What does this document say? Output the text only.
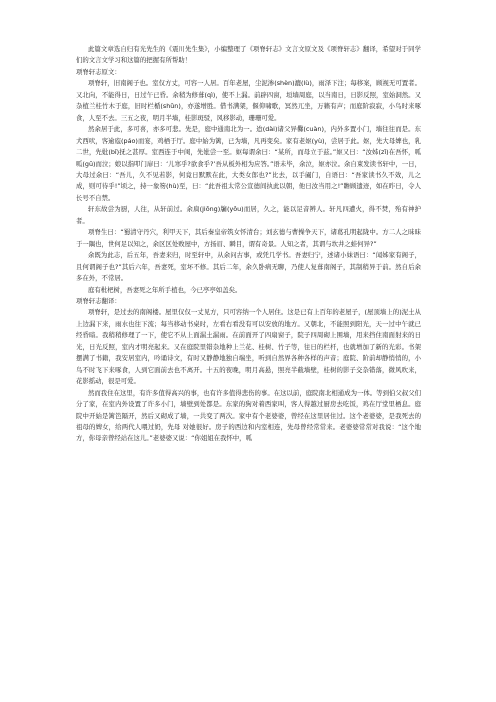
此篇文章选自归有光先生的《震川先生集》，小编整理了《项脊轩志》文言文原文及《项脊轩志》翻译，希望对于同学们的文言文学习和这篇的把握有所帮助！

项脊轩志原文：

项脊轩，旧南阁子也。室仅方丈，可容一人居。百年老屋，尘泥渗(shèn)漉(lù)，雨泽下注；每移案，顾视无可置者。又北向，不能得日，日过午已昏。余稍为修葺(qì)，使不上漏。前辟四窗，垣墙周庭，以当南日，日影反照，室始洞然。又杂植兰桂竹木于庭，旧时栏楯(shǔn)，亦遂增胜。借书满架，偃仰啸歌，冥然兀坐，万籁有声；而庭阶寂寂，小鸟时来啄食，人至不去。三五之夜，明月半墙，桂影斑驳，风移影动，珊珊可爱。

然余居于此，多可喜，亦多可悲。先是，庭中通南北为一。迨(dài)诸父异爨(cuàn)，内外多置小门，墙往往而是。东犬西吠，客逾庖(páo)而宴，鸡栖于厅。庭中始为篱，已为墙，凡再变矣。家有老妪(yù)，尝居于此。妪，先大母婢也，乳二世，先妣(bǐ)抚之甚厚。室西连于中闺，先妣尝一至。妪每谓余曰：“某所，而母立于兹。”妪又曰：“汝姊(zǐ)在吾怀，呱呱(gū)而泣；娘以指叩门扉曰：‘儿寒乎?欲食乎?’吾从板外相为应答。”语未毕，余泣，妪亦泣。余自束发读书轩中，一日，大母过余曰：“吾儿，久不见若影，何竟日默默在此，大类女郎也?”比去，以手阖门，自语曰：“吾家读书久不效，儿之成，则可待乎!”顷之，持一象笏(hù)至，曰：“此吾祖太常公宣德间执此以朝，他日汝当用之!”瞻顾遗迹，如在昨日，令人长号不自禁。

轩东故尝为厨，人往，从轩前过。余扃(jiōng)牖(yǒu)而居，久之，能以足音辨人。轩凡四遭火，得不焚，殆有神护者。

项脊生曰：“蜀清守丹穴，利甲天下，其后秦皇帝筑女怀清台；刘玄德与曹操争天下，诸葛孔明起陇中。方二人之昧昧于一隅也，世何足以知之，余区区处败屋中，方扬眉、瞬目，谓有奇景。人知之者，其谓与坎井之蛙何异?”

余既为此志，后五年，吾妻来归，时至轩中，从余问古事，或凭几学书。吾妻归宁，述诸小妹语曰：“闻姊家有阁子，且何谓阁子也?”其后六年，吾妻死，室坏不修。其后二年，余久卧病无聊，乃使人复葺南阁子，其制稍异于前。然自后余多在外，不常居。

庭有枇杷树，吾妻死之年所手植也，今已亭亭如盖矣。

项脊轩志翻译：

项脊轩，是过去的南阁楼。屋里仅仅一丈见方，只可容纳一个人居住。这是已有上百年的老屋子，(屋顶墙上的)泥土从上边漏下来，雨水也往下流；每当移动书桌时，左看右看没有可以安放的地方。又朝北，不能照到阳光，天一过中午就已经昏暗。我稍稍修理了一下，使它不从上面漏土漏雨。在前面开了四扇窗子，院子四周砌上围墙，用来挡住南面射来的日光，日光反照，室内才明亮起来。又在庭院里错杂地种上兰花、桂树、竹子等，往日的栏杆，也就增加了新的光彩。书架摆满了书籍，我安居室内，吟诵诗文，有时又静静地独自端坐，听到自然界各种各样的声音；庭院、阶前却静悄悄的，小鸟不时飞下来啄食，人到它面前去也不离开。十五的夜晚，明月高悬，照亮半截墙壁，桂树的影子交杂错落，微风吹来，花影摇动，很是可爱。

然而我住在这里，有许多值得高兴的事，也有许多值得悲伤的事。在这以前，庭院南北相通成为一体。等到伯父叔父们分了家，在室内外设置了许多小门，墙壁到处都是。东家的狗对着西家叫，客人得越过厨房去吃饭，鸡在厅堂里栖息。庭院中开始是篱笆隔开，然后又砌成了墙，一共变了两次。家中有个老婆婆，曾经在这里居住过。这个老婆婆，是我死去的祖母的婢女，给两代人喂过奶，先母 对她很好。房子的西边和内室相连，先母曾经常常来。老婆婆常常对我说：“这个地方，你母亲曾经站在这儿。”老婆婆又说：“你姐姐在我怀中，呱
